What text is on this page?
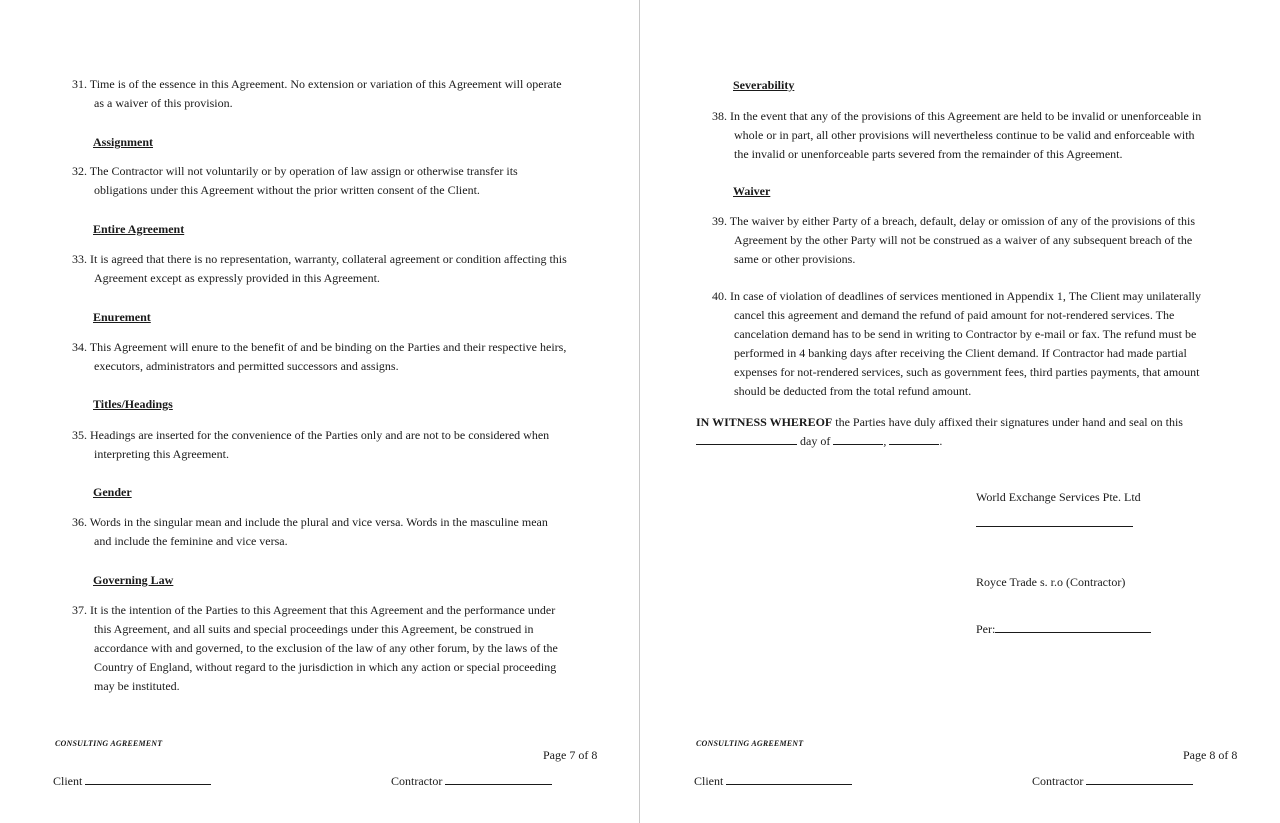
31. Time is of the essence in this Agreement. No extension or variation of this Agreement will operate
as a waiver of this provision.
Assignment
32. The Contractor will not voluntarily or by operation of law assign or otherwise transfer its
obligations under this Agreement without the prior written consent of the Client.
Entire Agreement
33. It is agreed that there is no representation, warranty, collateral agreement or condition affecting this
Agreement except as expressly provided in this Agreement.
Enurement
34. This Agreement will enure to the benefit of and be binding on the Parties and their respective heirs,
executors, administrators and permitted successors and assigns.
Titles/Headings
35. Headings are inserted for the convenience of the Parties only and are not to be considered when
interpreting this Agreement.
Gender
36. Words in the singular mean and include the plural and vice versa. Words in the masculine mean
and include the feminine and vice versa.
Governing Law
37. It is the intention of the Parties to this Agreement that this Agreement and the performance under
this Agreement, and all suits and special proceedings under this Agreement, be construed in
accordance with and governed, to the exclusion of the law of any other forum, by the laws of the
Country of England, without regard to the jurisdiction in which any action or special proceeding
may be instituted.
CONSULTING AGREEMENT
Page 7 of 8
Client	Contractor
Severability
38. In the event that any of the provisions of this Agreement are held to be invalid or unenforceable in
whole or in part, all other provisions will nevertheless continue to be valid and enforceable with
the invalid or unenforceable parts severed from the remainder of this Agreement.
Waiver
39. The waiver by either Party of a breach, default, delay or omission of any of the provisions of this
Agreement by the other Party will not be construed as a waiver of any subsequent breach of the
same or other provisions.
40. In case of violation of deadlines of services mentioned in Appendix 1, The Client may unilaterally
cancel this agreement and demand the refund of paid amount for not-rendered services. The
cancelation demand has to be send in writing to Contractor by e-mail or fax. The refund must be
performed in 4 banking days after receiving the Client demand. If Contractor had made partial
expenses for not-rendered services, such as government fees, third parties payments, that amount
should be deducted from the total refund amount.
IN WITNESS WHEREOF the Parties have duly affixed their signatures under hand and seal on this
day of	,	.
World Exchange Services Pte. Ltd
Royce Trade s. r.o (Contractor)
Per:
CONSULTING AGREEMENT
Page 8 of 8
Client	Contractor
